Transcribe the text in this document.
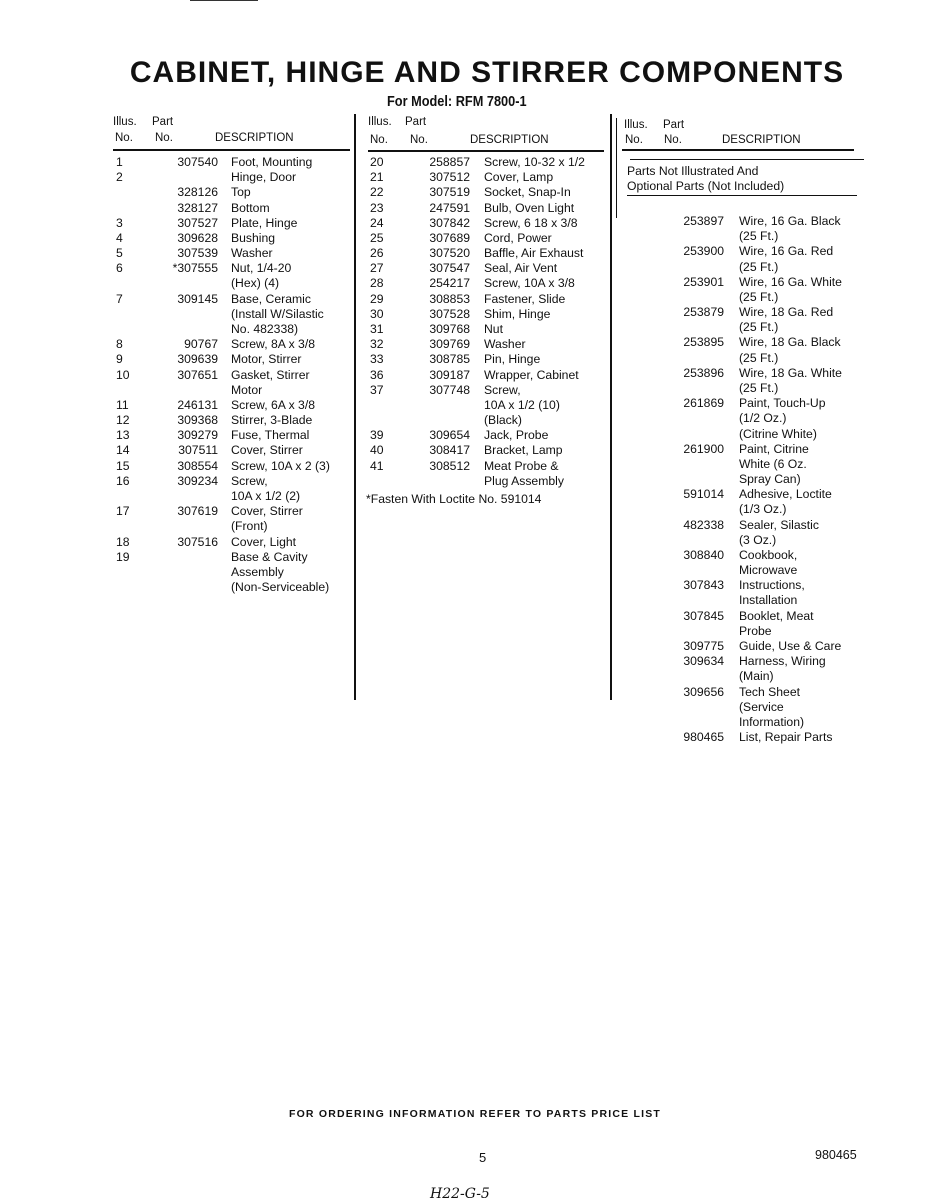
CABINET, HINGE AND STIRRER COMPONENTS
For Model: RFM 7800-1
Illus. Part
No. No.	DESCRIPTION
Illus. Part
No. No.	DESCRIPTION
Illus. Part
No. No.	DESCRIPTION
Parts Not Illustrated And
Optional Parts (Not Included)
1	307540 Foot, Mounting
2	Hinge, Door
328126 Top
328127 Bottom
3	307527 Plate, Hinge
4	309628 Bushing
5	307539 Washer
6	*307555 Nut, 1/4-20
(Hex) (4)
7	309145 Base, Ceramic
(Install W/Silastic
No. 482338)
8	90767 Screw, 8A x 3/8
9	309639 Motor, Stirrer
10	307651 Gasket, Stirrer
Motor
11	246131 Screw, 6A x 3/8
12	309368 Stirrer, 3-Blade
13	309279 Fuse, Thermal
14	307511 Cover, Stirrer
15	308554 Screw, 10A x 2 (3)
16	309234 Screw,
10A x 1/2 (2)
17	307619 Cover, Stirrer
(Front)
18	307516 Cover, Light
19	Base & Cavity
Assembly
(Non-Serviceable)
20	258857 Screw, 10-32 x 1/2
21	307512 Cover, Lamp
22	307519 Socket, Snap-In
23	247591 Bulb, Oven Light
24	307842 Screw, 6 18 x 3/8
25	307689 Cord, Power
26	307520 Baffle, Air Exhaust
27	307547 Seal, Air Vent
28	254217 Screw, 10A x 3/8
29	308853 Fastener, Slide
30	307528 Shim, Hinge
31	309768 Nut
32	309769 Washer
33	308785 Pin, Hinge
36	309187 Wrapper, Cabinet
37	307748 Screw,
10A x 1/2 (10)
(Black)
39	309654 Jack, Probe
40	308417 Bracket, Lamp
41	308512 Meat Probe &
Plug Assembly
253897 Wire, 16 Ga. Black
(25 Ft.)
253900 Wire, 16 Ga. Red
(25 Ft.)
253901 Wire, 16 Ga. White
(25 Ft.)
253879 Wire, 18 Ga. Red
(25 Ft.)
253895 Wire, 18 Ga. Black
(25 Ft.)
253896 Wire, 18 Ga. White
(25 Ft.)
261869 Paint, Touch-Up
(1/2 Oz.)
(Citrine White)
261900 Paint, Citrine
White (6 Oz.
Spray Can)
591014 Adhesive, Loctite
(1/3 Oz.)
482338 Sealer, Silastic
(3 Oz.)
308840 Cookbook,
Microwave
307843 Instructions,
Installation
307845 Booklet, Meat
Probe
309775 Guide, Use & Care
309634 Harness, Wiring
(Main)
309656 Tech Sheet
(Service
Information)
980465 List, Repair Parts
*Fasten With Loctite No. 591014
FOR ORDERING INFORMATION REFER TO PARTS PRICE LIST
5	980465
H22-G-5
